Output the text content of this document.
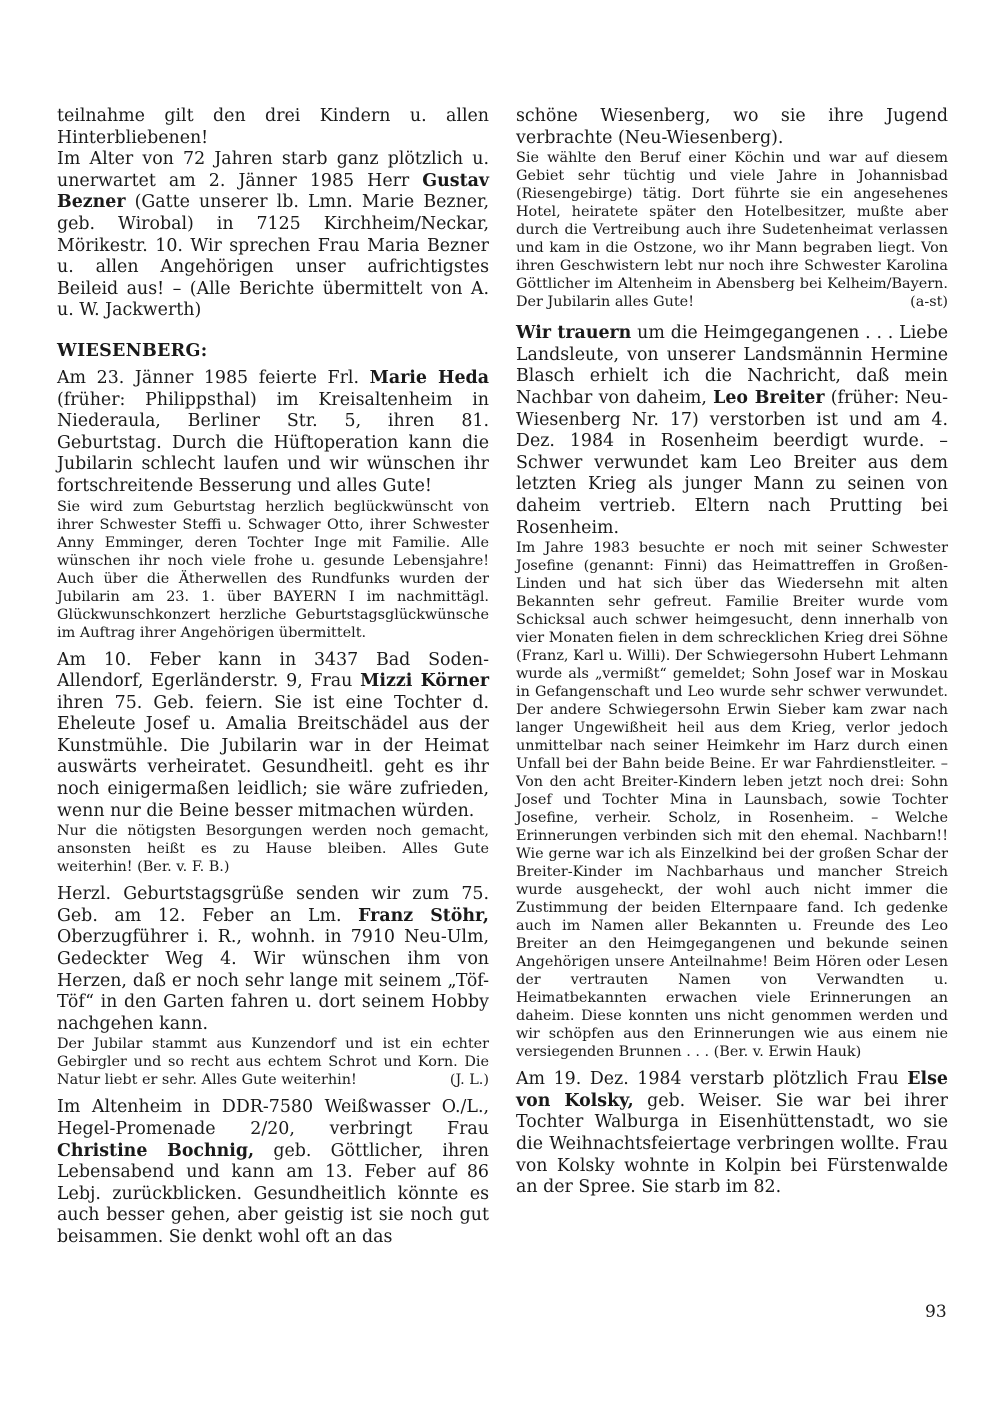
teilnahme gilt den drei Kindern u. allen Hinterbliebenen!

Im Alter von 72 Jahren starb ganz plötzlich u. unerwartet am 2. Jänner 1985 Herr Gustav Bezner (Gatte unserer lb. Lmn. Marie Bezner, geb. Wirobal) in 7125 Kirchheim/Neckar, Mörikestr. 10. Wir sprechen Frau Maria Bezner u. allen Angehörigen unser aufrichtigstes Beileid aus! – (Alle Berichte übermittelt von A. u. W. Jackwerth)

WIESENBERG:

Am 23. Jänner 1985 feierte Frl. Marie Heda (früher: Philippsthal) im Kreisaltenheim in Niederaula, Berliner Str. 5, ihren 81. Geburtstag. Durch die Hüftoperation kann die Jubilarin schlecht laufen und wir wünschen ihr fortschreitende Besserung und alles Gute!

Sie wird zum Geburtstag herzlich beglückwünscht von ihrer Schwester Steffi u. Schwager Otto, ihrer Schwester Anny Emminger, deren Tochter Inge mit Familie. Alle wünschen ihr noch viele frohe u. gesunde Lebensjahre! Auch über die Ätherwellen des Rundfunks wurden der Jubilarin am 23. 1. über BAYERN I im nachmittägl. Glückwunschkonzert herzliche Geburtstagsglückwünsche im Auftrag ihrer Angehörigen übermittelt.

Am 10. Feber kann in 3437 Bad Soden-Allendorf, Egerländerstr. 9, Frau Mizzi Körner ihren 75. Geb. feiern. Sie ist eine Tochter d. Eheleute Josef u. Amalia Breitschädel aus der Kunstmühle. Die Jubilarin war in der Heimat auswärts verheiratet. Gesundheitl. geht es ihr noch einigermaßen leidlich; sie wäre zufrieden, wenn nur die Beine besser mitmachen würden.

Nur die nötigsten Besorgungen werden noch gemacht, ansonsten heißt es zu Hause bleiben. Alles Gute weiterhin! (Ber. v. F. B.)

Herzl. Geburtstagsgrüße senden wir zum 75. Geb. am 12. Feber an Lm. Franz Stöhr, Oberzugführer i. R., wohnh. in 7910 Neu-Ulm, Gedeckter Weg 4. Wir wünschen ihm von Herzen, daß er noch sehr lange mit seinem „Töf-Töf“ in den Garten fahren u. dort seinem Hobby nachgehen kann.

Der Jubilar stammt aus Kunzendorf und ist ein echter Gebirgler und so recht aus echtem Schrot und Korn. Die Natur liebt er sehr. Alles Gute weiterhin!	(J. L.)

Im Altenheim in DDR-7580 Weißwasser O./L., Hegel-Promenade 2/20, verbringt Frau Christine Bochnig, geb. Göttlicher, ihren Lebensabend und kann am 13. Feber auf 86 Lebj. zurückblicken. Gesundheitlich könnte es auch besser gehen, aber geistig ist sie noch gut beisammen. Sie denkt wohl oft an das

schöne Wiesenberg, wo sie ihre Jugend verbrachte (Neu-Wiesenberg).

Sie wählte den Beruf einer Köchin und war auf diesem Gebiet sehr tüchtig und viele Jahre in Johannisbad (Riesengebirge) tätig. Dort führte sie ein angesehenes Hotel, heiratete später den Hotelbesitzer, mußte aber durch die Vertreibung auch ihre Sudetenheimat verlassen und kam in die Ostzone, wo ihr Mann begraben liegt. Von ihren Geschwistern lebt nur noch ihre Schwester Karolina Göttlicher im Altenheim in Abensberg bei Kelheim/Bayern. Der Jubilarin alles Gute!	(a-st)

Wir trauern um die Heimgegangenen . . . Liebe Landsleute, von unserer Landsmännin Hermine Blasch erhielt ich die Nachricht, daß mein Nachbar von daheim, Leo Breiter (früher: Neu-Wiesenberg Nr. 17) verstorben ist und am 4. Dez. 1984 in Rosenheim beerdigt wurde. – Schwer verwundet kam Leo Breiter aus dem letzten Krieg als junger Mann zu seinen von daheim vertrieb. Eltern nach Prutting bei Rosenheim.

Im Jahre 1983 besuchte er noch mit seiner Schwester Josefine (genannt: Finni) das Heimattreffen in Großen-Linden und hat sich über das Wiedersehn mit alten Bekannten sehr gefreut. Familie Breiter wurde vom Schicksal auch schwer heimgesucht, denn innerhalb von vier Monaten fielen in dem schrecklichen Krieg drei Söhne (Franz, Karl u. Willi). Der Schwiegersohn Hubert Lehmann wurde als „vermißt“ gemeldet; Sohn Josef war in Moskau in Gefangenschaft und Leo wurde sehr schwer verwundet. Der andere Schwiegersohn Erwin Sieber kam zwar nach langer Ungewißheit heil aus dem Krieg, verlor jedoch unmittelbar nach seiner Heimkehr im Harz durch einen Unfall bei der Bahn beide Beine. Er war Fahrdienstleiter. – Von den acht Breiter-Kindern leben jetzt noch drei: Sohn Josef und Tochter Mina in Launsbach, sowie Tochter Josefine, verheir. Scholz, in Rosenheim. – Welche Erinnerungen verbinden sich mit den ehemal. Nachbarn!! Wie gerne war ich als Einzelkind bei der großen Schar der Breiter-Kinder im Nachbarhaus und mancher Streich wurde ausgeheckt, der wohl auch nicht immer die Zustimmung der beiden Elternpaare fand. Ich gedenke auch im Namen aller Bekannten u. Freunde des Leo Breiter an den Heimgegangenen und bekunde seinen Angehörigen unsere Anteilnahme! Beim Hören oder Lesen der vertrauten Namen von Verwandten u. Heimatbekannten erwachen viele Erinnerungen an daheim. Diese konnten uns nicht genommen werden und wir schöpfen aus den Erinnerungen wie aus einem nie versiegenden Brunnen . . . (Ber. v. Erwin Hauk)

Am 19. Dez. 1984 verstarb plötzlich Frau Else von Kolsky, geb. Weiser. Sie war bei ihrer Tochter Walburga in Eisenhüttenstadt, wo sie die Weihnachtsfeiertage verbringen wollte. Frau von Kolsky wohnte in Kolpin bei Fürstenwalde an der Spree. Sie starb im 82.

93
